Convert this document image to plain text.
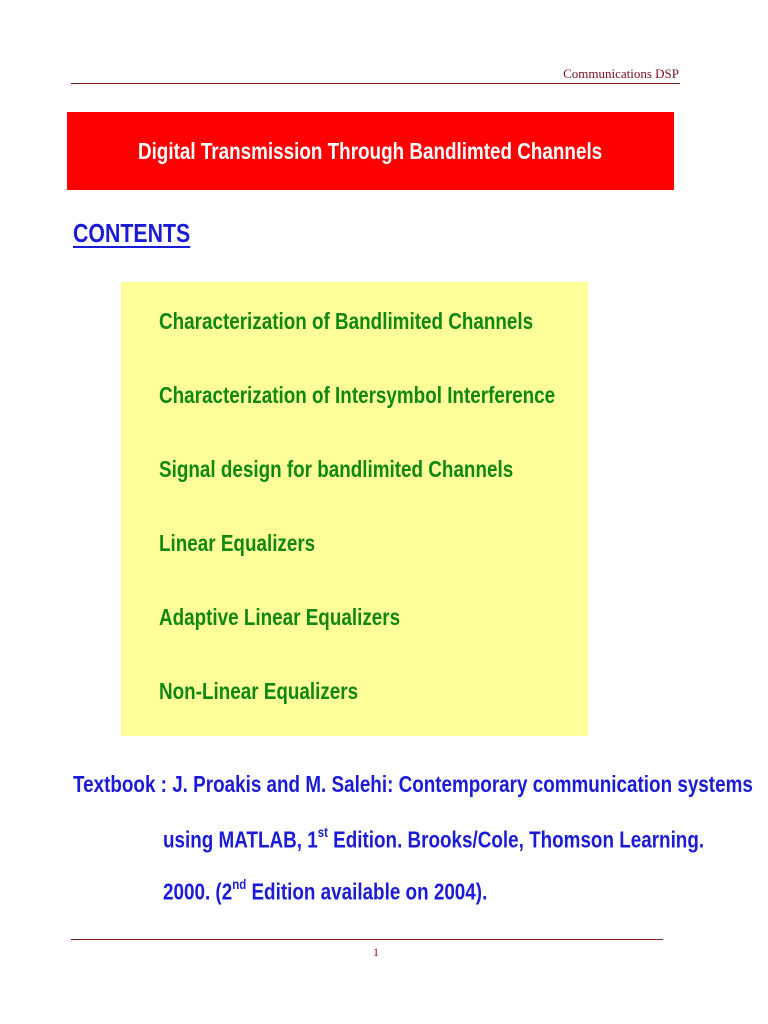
Communications DSP
Digital Transmission Through Bandlimted Channels
CONTENTS
Characterization of Bandlimited Channels
Characterization of Intersymbol Interference
Signal design for bandlimited Channels
Linear Equalizers
Adaptive Linear Equalizers
Non-Linear Equalizers
Textbook : J. Proakis and M. Salehi: Contemporary communication systems
using MATLAB, 1st Edition. Brooks/Cole, Thomson Learning.
2000. (2nd Edition available on 2004).
1
